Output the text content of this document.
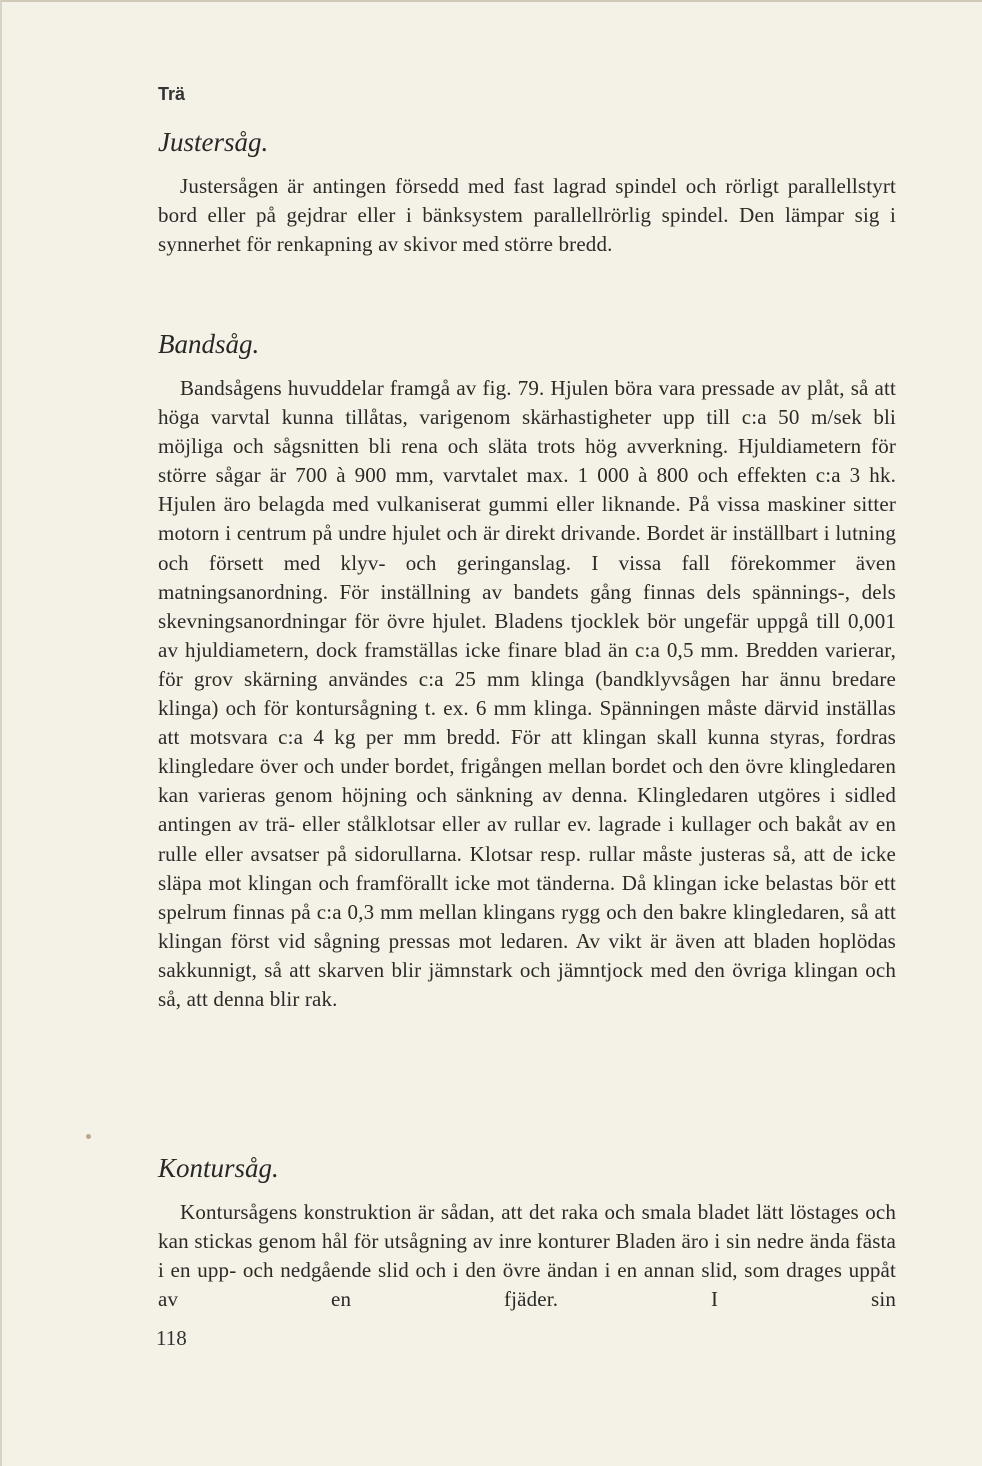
Trä
Justersåg.

Justersågen är antingen försedd med fast lagrad spindel och rörligt parallellstyrt bord eller på gejdrar eller i bänksystem parallellrörlig spindel. Den lämpar sig i synnerhet för renkapning av skivor med större bredd.

Bandsåg.

Bandsågens huvuddelar framgå av fig. 79. Hjulen böra vara pressade av plåt, så att höga varvtal kunna tillåtas, varigenom skärhastigheter upp till c:a 50 m/sek bli möjliga och sågsnitten bli rena och släta trots hög avverkning. Hjuldiametern för större sågar är 700 à 900 mm, varvtalet max. 1 000 à 800 och effekten c:a 3 hk. Hjulen äro belagda med vulkaniserat gummi eller liknande. På vissa maskiner sitter motorn i centrum på undre hjulet och är direkt drivande. Bordet är inställbart i lutning och försett med klyv- och geringanslag. I vissa fall förekommer även matningsanordning. För inställning av bandets gång finnas dels spännings-, dels skevningsanordningar för övre hjulet. Bladens tjocklek bör ungefär uppgå till 0,001 av hjuldiametern, dock framställas icke finare blad än c:a 0,5 mm. Bredden varierar, för grov skärning användes c:a 25 mm klinga (bandklyvsågen har ännu bredare klinga) och för kontursågning t. ex. 6 mm klinga. Spänningen måste därvid inställas att motsvara c:a 4 kg per mm bredd. För att klingan skall kunna styras, fordras klingledare över och under bordet, frigången mellan bordet och den övre klingledaren kan varieras genom höjning och sänkning av denna. Klingledaren utgöres i sidled antingen av trä- eller stålklotsar eller av rullar ev. lagrade i kullager och bakåt av en rulle eller avsatser på sidorullarna. Klotsar resp. rullar måste justeras så, att de icke släpa mot klingan och framförallt icke mot tänderna. Då klingan icke belastas bör ett spelrum finnas på c:a 0,3 mm mellan klingans rygg och den bakre klingledaren, så att klingan först vid sågning pressas mot ledaren. Av vikt är även att bladen hoplödas sakkunnigt, så att skarven blir jämnstark och jämntjock med den övriga klingan och så, att denna blir rak.

Kontursåg.

Kontursågens konstruktion är sådan, att det raka och smala bladet lätt löstages och kan stickas genom hål för utsågning av inre konturer Bladen äro i sin nedre ända fästa i en upp- och nedgående slid och i den övre ändan i en annan slid, som drages uppåt av en fjäder. I sin

118
